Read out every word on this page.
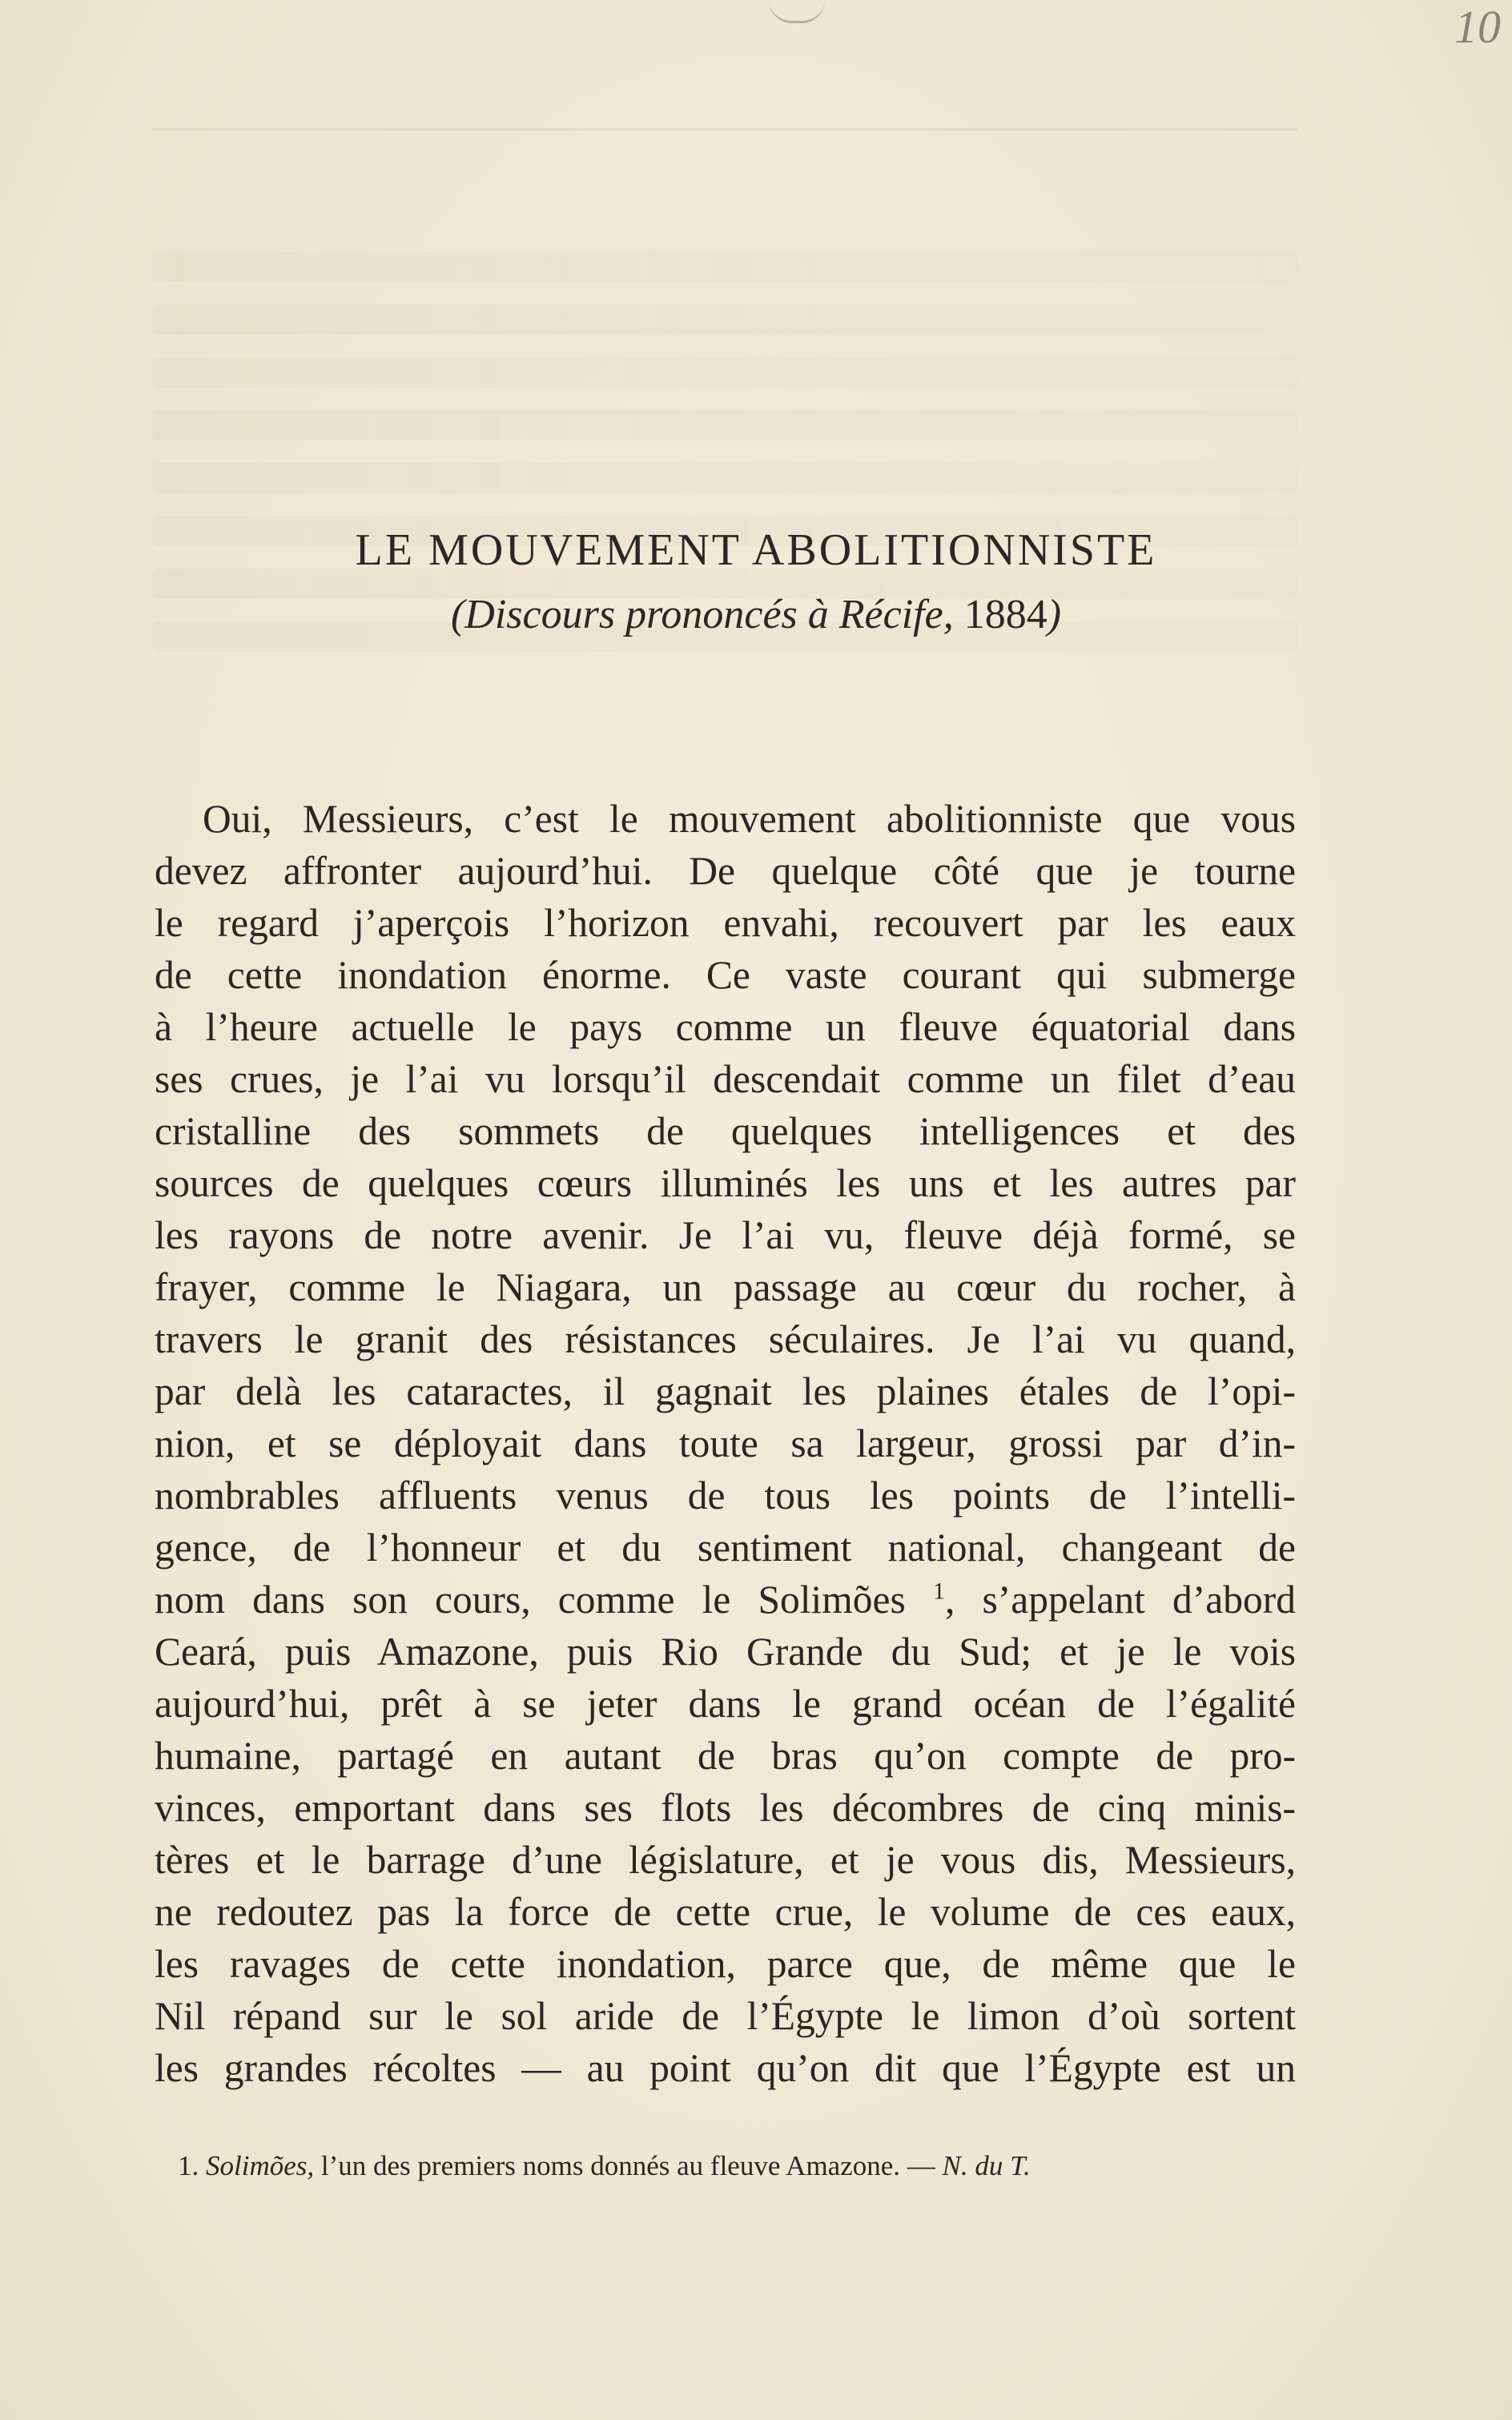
10

LE MOUVEMENT ABOLITIONNISTE
(Discours prononcés à Récife, 1884)
Oui, Messieurs, c’est le mouvement abolitionniste que vous
devez affronter aujourd’hui. De quelque côté que je tourne
le regard j’aperçois l’horizon envahi, recouvert par les eaux
de cette inondation énorme. Ce vaste courant qui submerge
à l’heure actuelle le pays comme un fleuve équatorial dans
ses crues, je l’ai vu lorsqu’il descendait comme un filet d’eau
cristalline des sommets de quelques intelligences et des
sources de quelques cœurs illuminés les uns et les autres par
les rayons de notre avenir. Je l’ai vu, fleuve déjà formé, se
frayer, comme le Niagara, un passage au cœur du rocher, à
travers le granit des résistances séculaires. Je l’ai vu quand,
par delà les cataractes, il gagnait les plaines étales de l’opi-
nion, et se déployait dans toute sa largeur, grossi par d’in-
nombrables affluents venus de tous les points de l’intelli-
gence, de l’honneur et du sentiment national, changeant de
nom dans son cours, comme le Solimões $^1$, s’appelant d’abord
Ceará, puis Amazone, puis Rio Grande du Sud; et je le vois
aujourd’hui, prêt à se jeter dans le grand océan de l’égalité
humaine, partagé en autant de bras qu’on compte de pro-
vinces, emportant dans ses flots les décombres de cinq minis-
tères et le barrage d’une législature, et je vous dis, Messieurs,
ne redoutez pas la force de cette crue, le volume de ces eaux,
les ravages de cette inondation, parce que, de même que le
Nil répand sur le sol aride de l’Égypte le limon d’où sortent
les grandes récoltes — au point qu’on dit que l’Égypte est un
1. Solimões, l’un des premiers noms donnés au fleuve Amazone. — N. du T.
